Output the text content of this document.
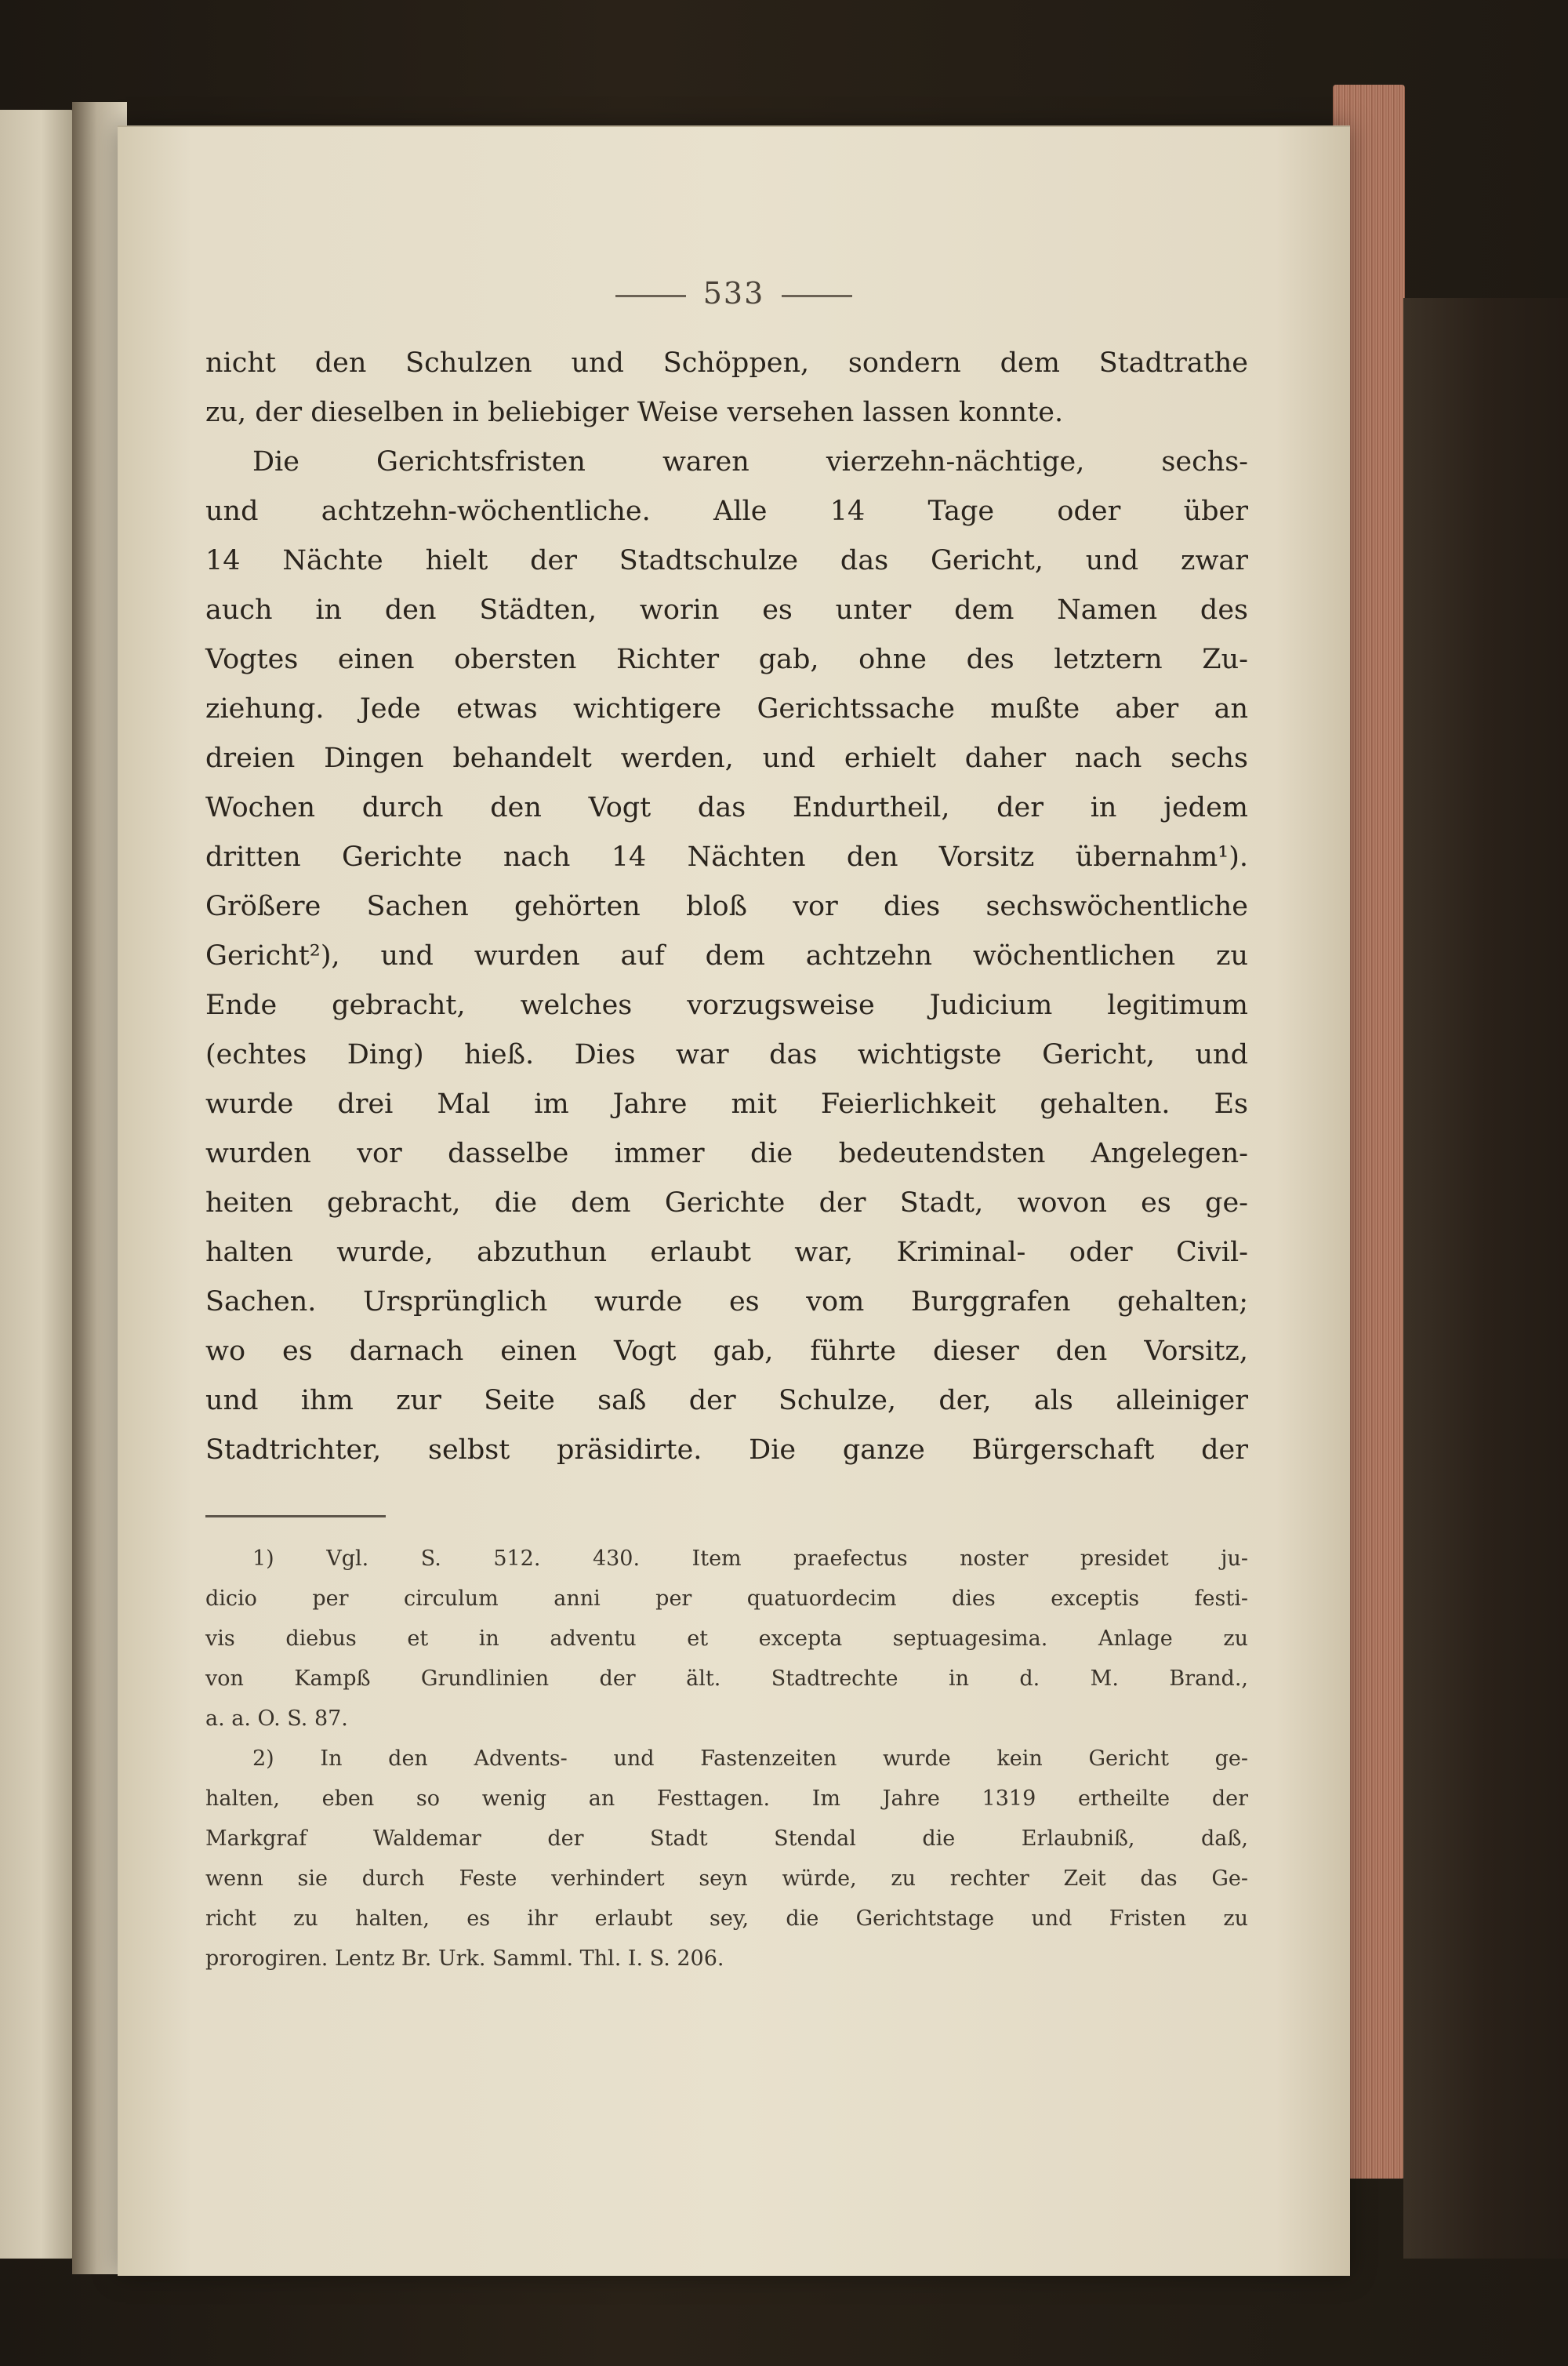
533
nicht den Schulzen und Schöppen, sondern dem Stadtrathe
zu, der dieselben in beliebiger Weise versehen lassen konnte.
Die Gerichtsfristen waren vierzehn-nächtige, sechs-
und achtzehn-wöchentliche. Alle 14 Tage oder über
14 Nächte hielt der Stadtschulze das Gericht, und zwar
auch in den Städten, worin es unter dem Namen des
Vogtes einen obersten Richter gab, ohne des letztern Zu-
ziehung. Jede etwas wichtigere Gerichtssache mußte aber an
dreien Dingen behandelt werden, und erhielt daher nach sechs
Wochen durch den Vogt das Endurtheil, der in jedem
dritten Gerichte nach 14 Nächten den Vorsitz übernahm¹).
Größere Sachen gehörten bloß vor dies sechswöchentliche
Gericht²), und wurden auf dem achtzehn wöchentlichen zu
Ende gebracht, welches vorzugsweise Judicium legitimum
(echtes Ding) hieß. Dies war das wichtigste Gericht, und
wurde drei Mal im Jahre mit Feierlichkeit gehalten. Es
wurden vor dasselbe immer die bedeutendsten Angelegen-
heiten gebracht, die dem Gerichte der Stadt, wovon es ge-
halten wurde, abzuthun erlaubt war, Kriminal- oder Civil-
Sachen. Ursprünglich wurde es vom Burggrafen gehalten;
wo es darnach einen Vogt gab, führte dieser den Vorsitz,
und ihm zur Seite saß der Schulze, der, als alleiniger
Stadtrichter, selbst präsidirte. Die ganze Bürgerschaft der
1) Vgl. S. 512. 430. Item praefectus noster presidet ju-
dicio per circulum anni per quatuordecim dies exceptis festi-
vis diebus et in adventu et excepta septuagesima. Anlage zu
von Kampß Grundlinien der ält. Stadtrechte in d. M. Brand.,
a. a. O. S. 87.
2) In den Advents- und Fastenzeiten wurde kein Gericht ge-
halten, eben so wenig an Festtagen. Im Jahre 1319 ertheilte der
Markgraf Waldemar der Stadt Stendal die Erlaubniß, daß,
wenn sie durch Feste verhindert seyn würde, zu rechter Zeit das Ge-
richt zu halten, es ihr erlaubt sey, die Gerichtstage und Fristen zu
prorogiren. Lentz Br. Urk. Samml. Thl. I. S. 206.
